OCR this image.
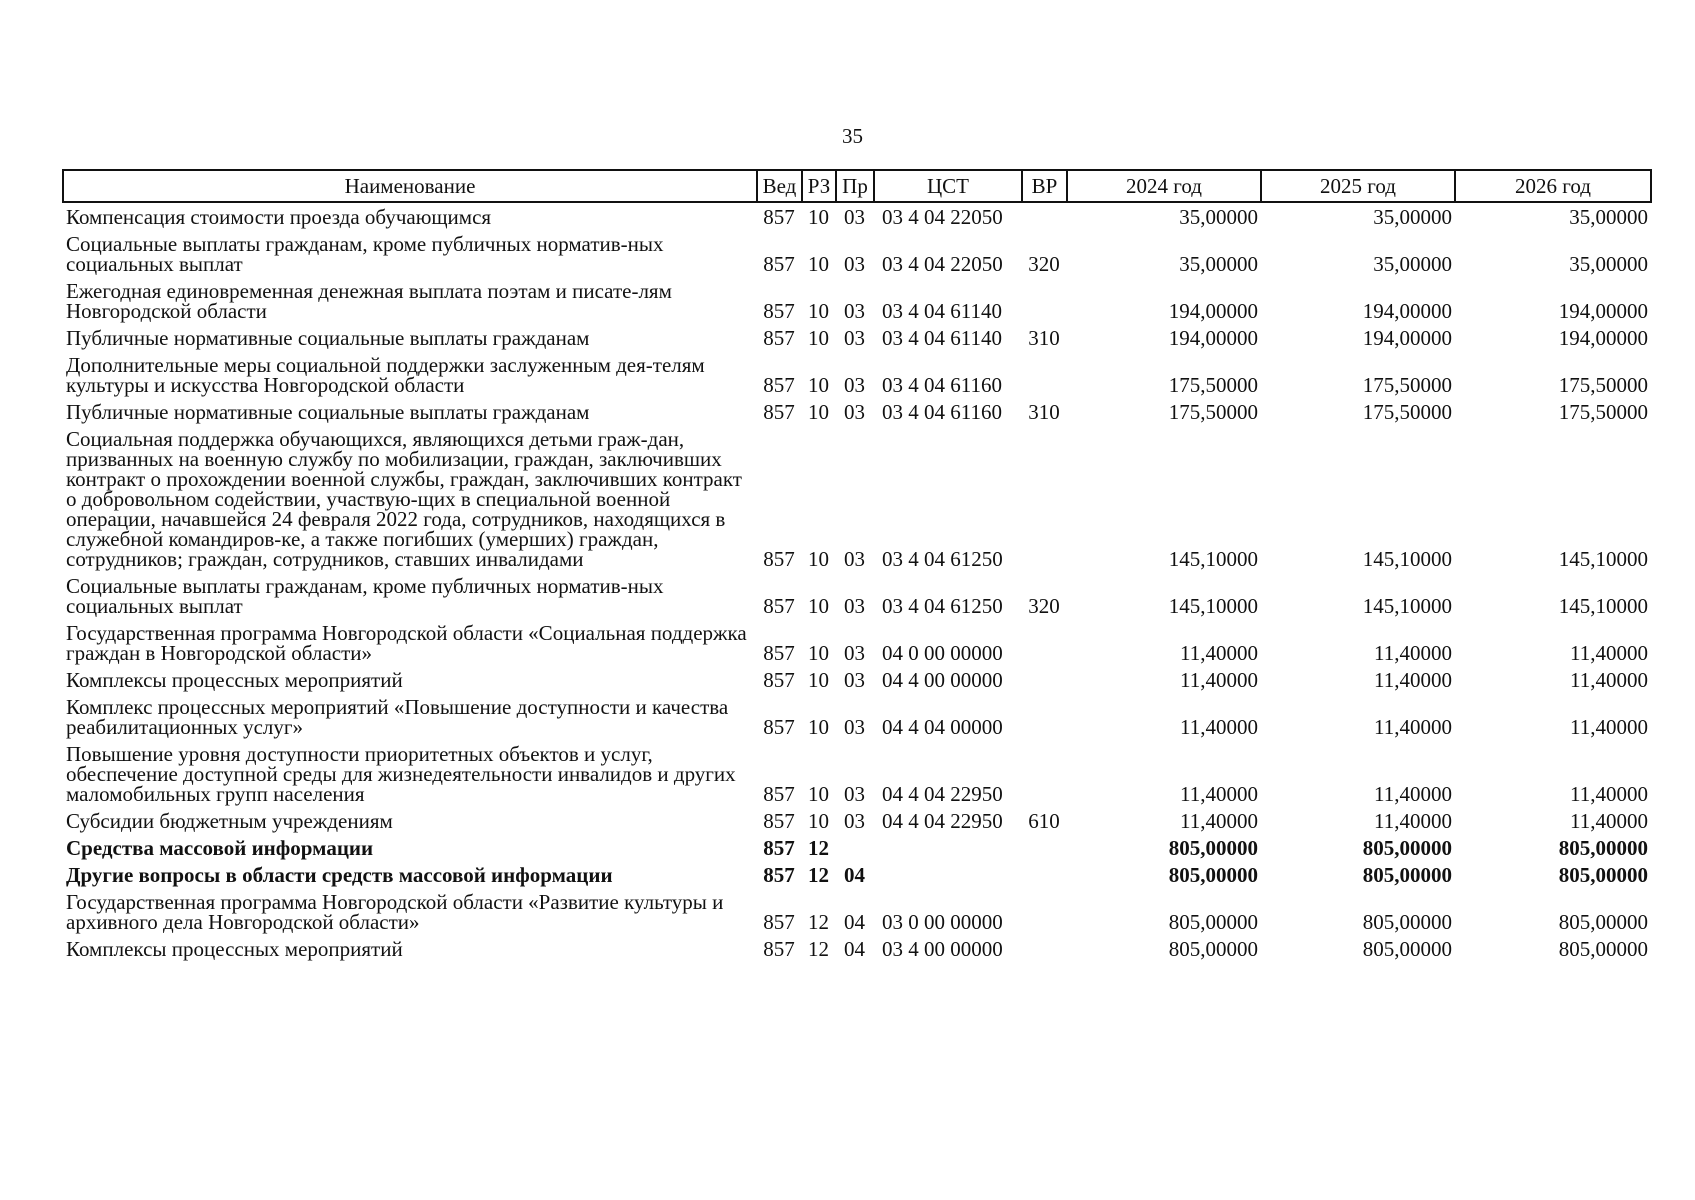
35
Наименование	Вед	РЗ	Пр	ЦСТ	ВР	2024 год	2025 год	2026 год
Компенсация стоимости проезда обучающимся	857	10	03	03 4 04 22050		35,00000	35,00000	35,00000
Социальные выплаты гражданам, кроме публичных норматив-ных социальных выплат	857	10	03	03 4 04 22050	320	35,00000	35,00000	35,00000
Ежегодная единовременная денежная выплата поэтам и писате-лям Новгородской области	857	10	03	03 4 04 61140		194,00000	194,00000	194,00000
Публичные нормативные социальные выплаты гражданам	857	10	03	03 4 04 61140	310	194,00000	194,00000	194,00000
Дополнительные меры социальной поддержки заслуженным дея-телям культуры и искусства Новгородской области	857	10	03	03 4 04 61160		175,50000	175,50000	175,50000
Публичные нормативные социальные выплаты гражданам	857	10	03	03 4 04 61160	310	175,50000	175,50000	175,50000
Социальная поддержка обучающихся, являющихся детьми граж-дан, призванных на военную службу по мобилизации, граждан, заключивших контракт о прохождении военной службы, граждан, заключивших контракт о добровольном содействии, участвую-щих в специальной военной операции, начавшейся 24 февраля 2022 года, сотрудников, находящихся в служебной командиров-ке, а также погибших (умерших) граждан, сотрудников; граждан, сотрудников, ставших инвалидами	857	10	03	03 4 04 61250		145,10000	145,10000	145,10000
Социальные выплаты гражданам, кроме публичных норматив-ных социальных выплат	857	10	03	03 4 04 61250	320	145,10000	145,10000	145,10000
Государственная программа Новгородской области «Социальная поддержка граждан в Новгородской области»	857	10	03	04 0 00 00000		11,40000	11,40000	11,40000
Комплексы процессных мероприятий	857	10	03	04 4 00 00000		11,40000	11,40000	11,40000
Комплекс процессных мероприятий «Повышение доступности и качества реабилитационных услуг»	857	10	03	04 4 04 00000		11,40000	11,40000	11,40000
Повышение уровня доступности приоритетных объектов и услуг, обеспечение доступной среды для жизнедеятельности инвалидов и других маломобильных групп населения	857	10	03	04 4 04 22950		11,40000	11,40000	11,40000
Субсидии бюджетным учреждениям	857	10	03	04 4 04 22950	610	11,40000	11,40000	11,40000
Средства массовой информации	857	12				805,00000	805,00000	805,00000
Другие вопросы в области средств массовой информации	857	12	04			805,00000	805,00000	805,00000
Государственная программа Новгородской области «Развитие культуры и архивного дела Новгородской области»	857	12	04	03 0 00 00000		805,00000	805,00000	805,00000
Комплексы процессных мероприятий	857	12	04	03 4 00 00000		805,00000	805,00000	805,00000
